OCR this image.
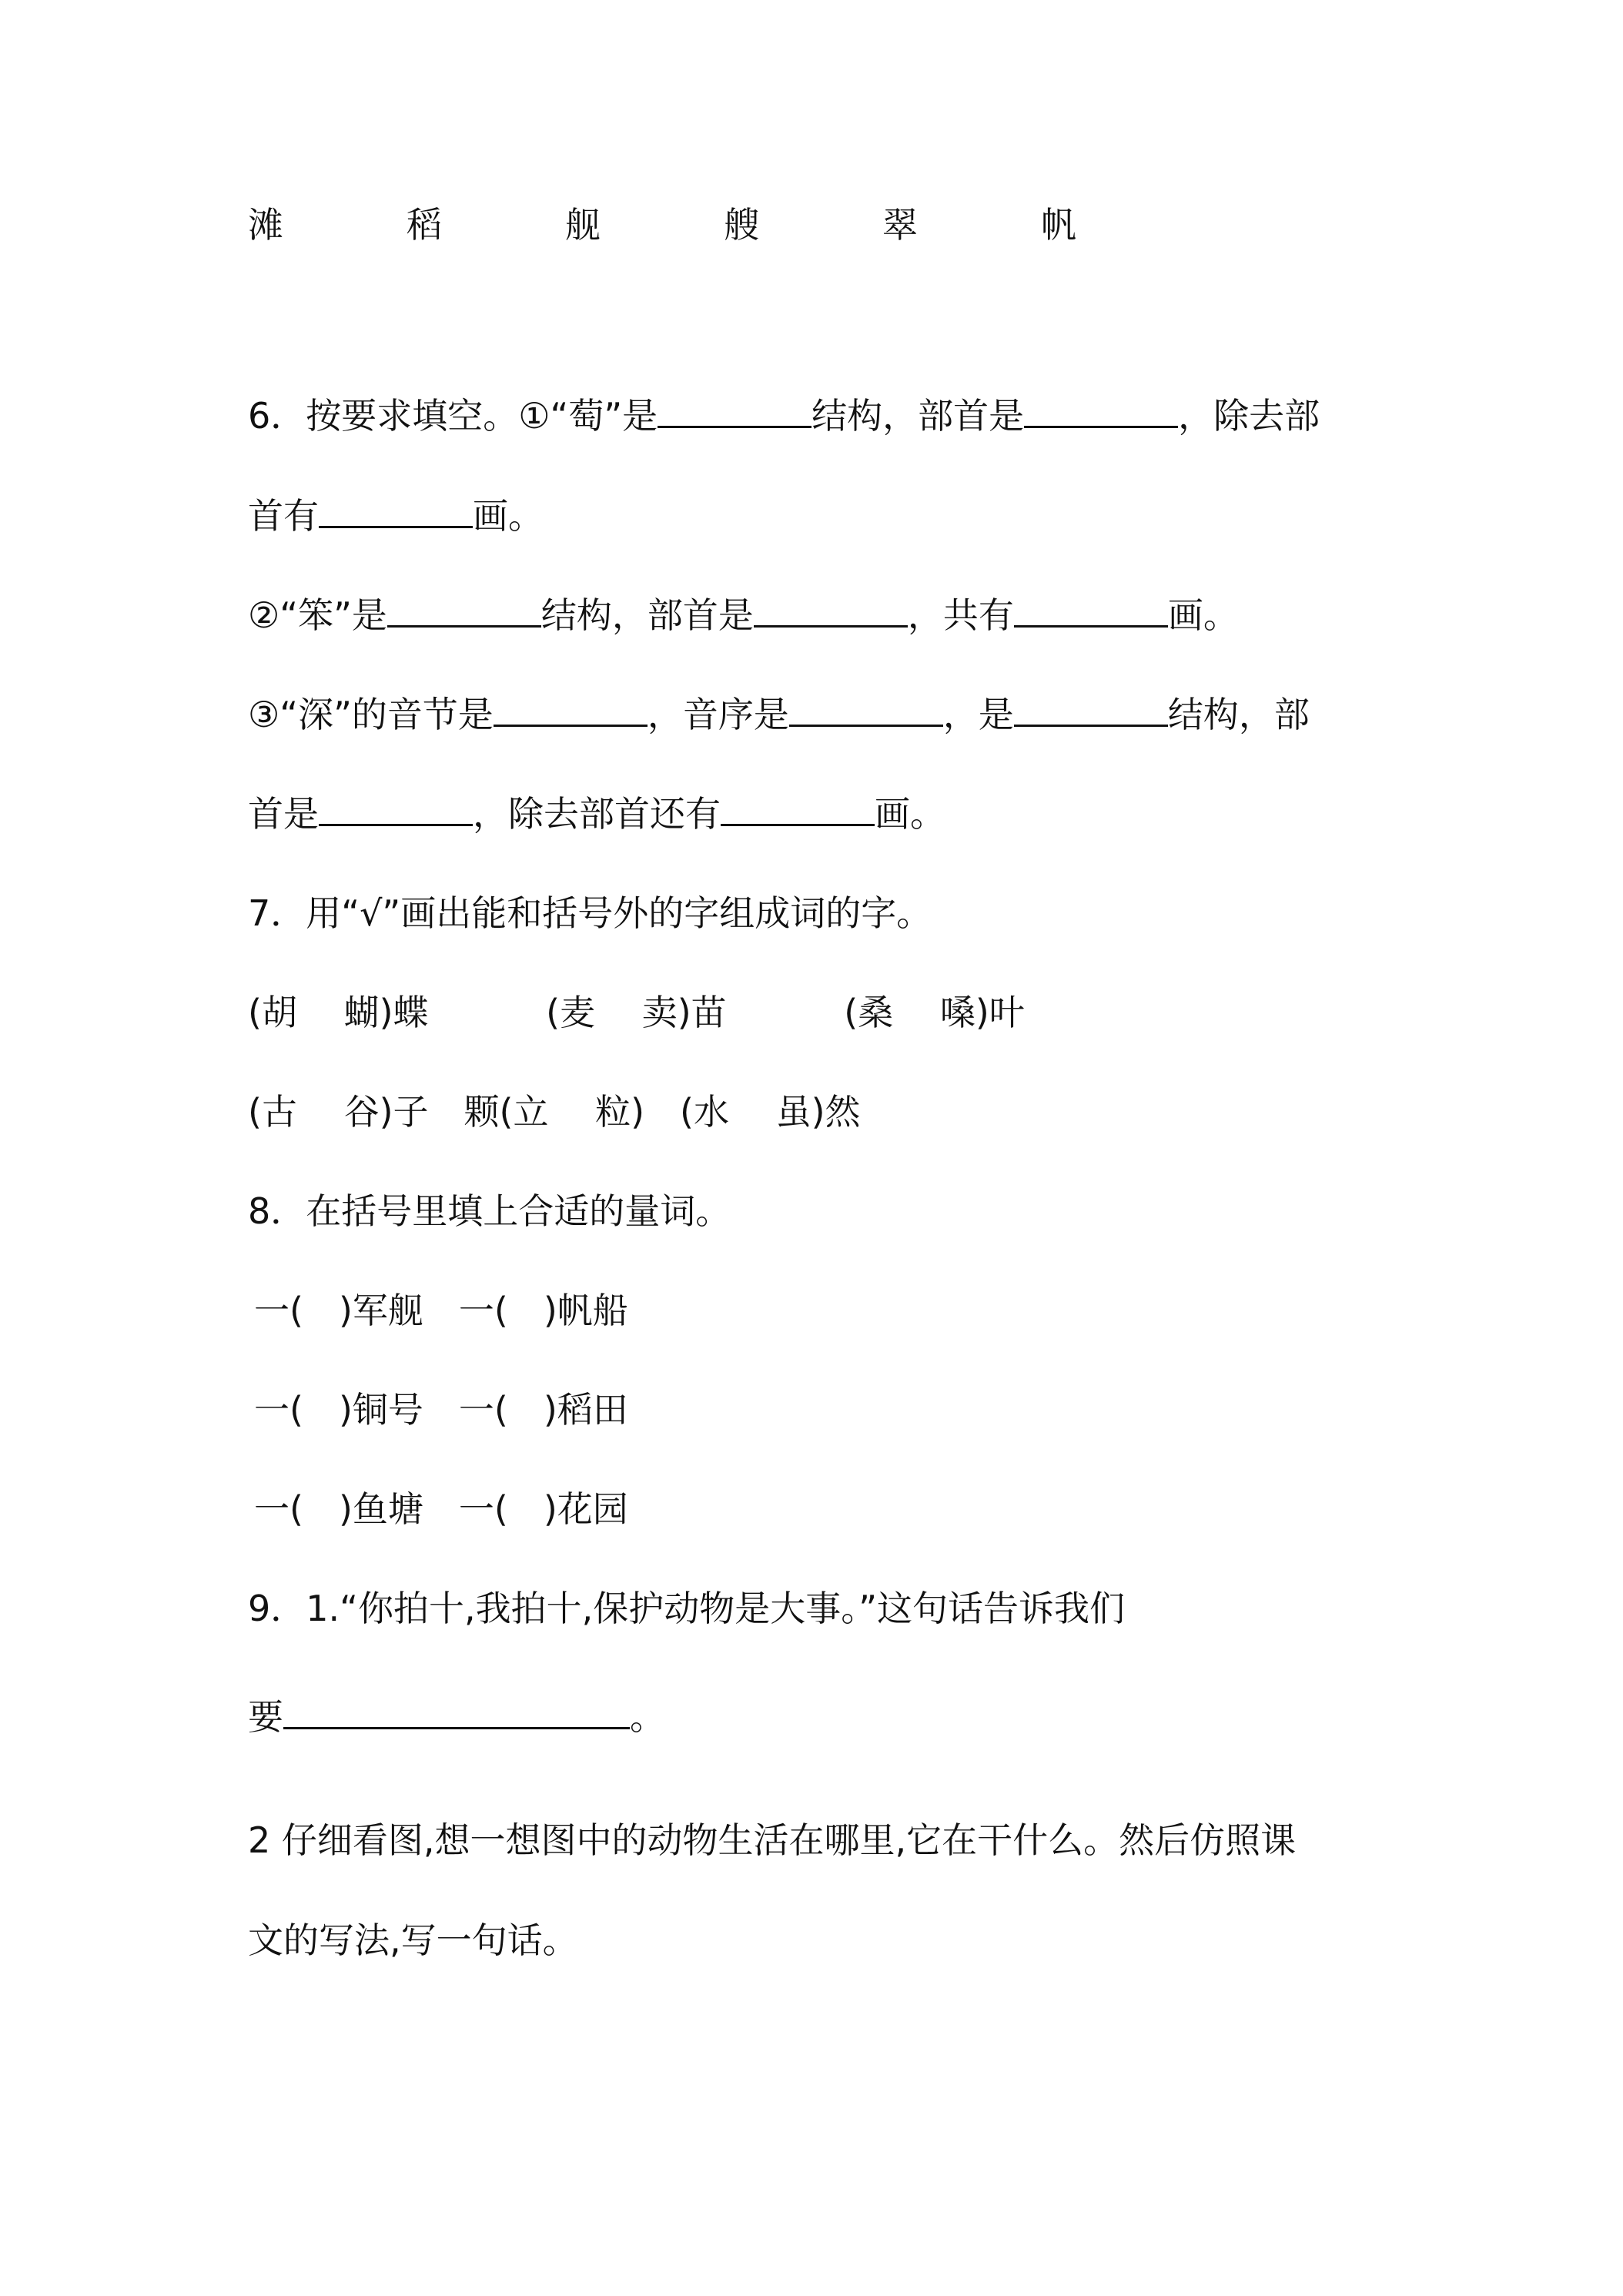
滩	稻	舰	艘	翠	帆
6．按要求填空。①“萄”是	结构，部首是	，除去部
首有	画。
②“笨”是	结构，部首是	，共有	画。
③“深”的音节是	，音序是	，是	结构，部
首是	，除去部首还有	画。
7．用“√”画出能和括号外的字组成词的字。
(胡　 蝴)蝶　　 　(麦　 卖)苗　　　 (桑　 嗓)叶
(古　 谷)子　颗(立　 粒)　(水　 虽)然
8．在括号里填上合适的量词。
一(　)军舰　一(　)帆船
一(　)铜号　一(　)稻田
一(　)鱼塘　一(　)花园
9．1.“你拍十,我拍十,保护动物是大事。”这句话告诉我们
要	。
2 仔细看图,想一想图中的动物生活在哪里,它在干什么。然后仿照课
文的写法,写一句话。
